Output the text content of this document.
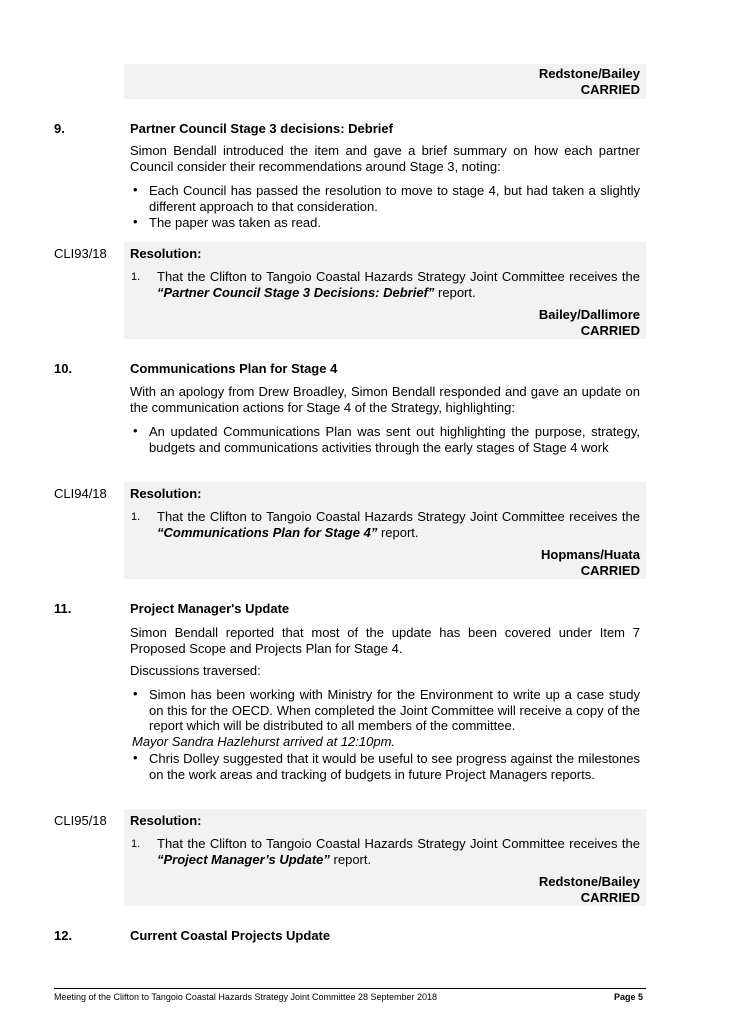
Redstone/Bailey
CARRIED
9.	Partner Council Stage 3 decisions: Debrief
Simon Bendall introduced the item and gave a brief summary on how each partner Council consider their recommendations around Stage 3, noting:
• Each Council has passed the resolution to move to stage 4, but had taken a slightly different approach to that consideration.
• The paper was taken as read.
CLI93/18 Resolution:
1. That the Clifton to Tangoio Coastal Hazards Strategy Joint Committee receives the “Partner Council Stage 3 Decisions: Debrief” report.
Bailey/Dallimore
CARRIED
10.	Communications Plan for Stage 4
With an apology from Drew Broadley, Simon Bendall responded and gave an update on the communication actions for Stage 4 of the Strategy, highlighting:
• An updated Communications Plan was sent out highlighting the purpose, strategy, budgets and communications activities through the early stages of Stage 4 work
CLI94/18 Resolution:
1. That the Clifton to Tangoio Coastal Hazards Strategy Joint Committee receives the “Communications Plan for Stage 4” report.
Hopmans/Huata
CARRIED
11.	Project Manager's Update
Simon Bendall reported that most of the update has been covered under Item 7 Proposed Scope and Projects Plan for Stage 4.
Discussions traversed:
• Simon has been working with Ministry for the Environment to write up a case study on this for the OECD. When completed the Joint Committee will receive a copy of the report which will be distributed to all members of the committee.
Mayor Sandra Hazlehurst arrived at 12:10pm.
• Chris Dolley suggested that it would be useful to see progress against the milestones on the work areas and tracking of budgets in future Project Managers reports.
CLI95/18 Resolution:
1. That the Clifton to Tangoio Coastal Hazards Strategy Joint Committee receives the “Project Manager’s Update” report.
Redstone/Bailey
CARRIED
12.	Current Coastal Projects Update
Meeting of the Clifton to Tangoio Coastal Hazards Strategy Joint Committee 28 September 2018	Page 5
